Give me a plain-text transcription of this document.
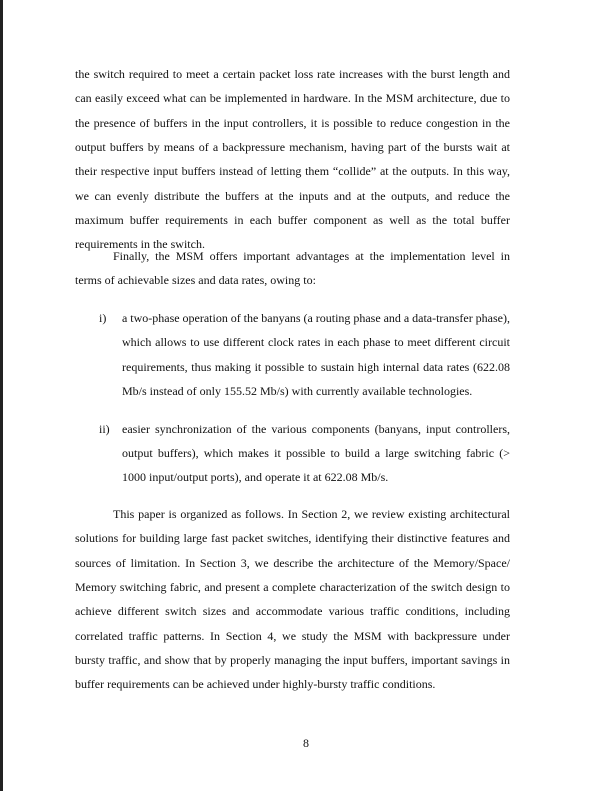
the switch required to meet a certain packet loss rate increases with the burst length and
can easily exceed what can be implemented in hardware. In the MSM architecture, due to
the presence of buffers in the input controllers, it is possible to reduce congestion in the
output buffers by means of a backpressure mechanism, having part of the bursts wait at
their respective input buffers instead of letting them “collide” at the outputs. In this way,
we can evenly distribute the buffers at the inputs and at the outputs, and reduce the
maximum buffer requirements in each buffer component as well as the total buffer
requirements in the switch.
Finally, the MSM offers important advantages at the implementation level in
terms of achievable sizes and data rates, owing to:
i) a two-phase operation of the banyans (a routing phase and a data-transfer phase),
which allows to use different clock rates in each phase to meet different circuit
requirements, thus making it possible to sustain high internal data rates (622.08
Mb/s instead of only 155.52 Mb/s) with currently available technologies.
ii) easier synchronization of the various components (banyans, input controllers,
output buffers), which makes it possible to build a large switching fabric (>
1000 input/output ports), and operate it at 622.08 Mb/s.
This paper is organized as follows. In Section 2, we review existing architectural
solutions for building large fast packet switches, identifying their distinctive features and
sources of limitation. In Section 3, we describe the architecture of the Memory/Space/
Memory switching fabric, and present a complete characterization of the switch design to
achieve different switch sizes and accommodate various traffic conditions, including
correlated traffic patterns. In Section 4, we study the MSM with backpressure under
bursty traffic, and show that by properly managing the input buffers, important savings in
buffer requirements can be achieved under highly-bursty traffic conditions.
8
